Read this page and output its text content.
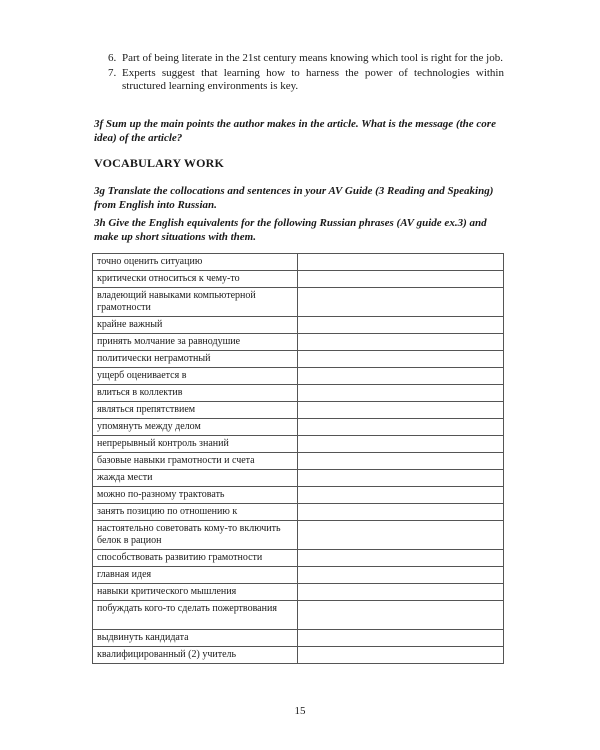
6. Part of being literate in the 21st century means knowing which tool is right for the job.
7. Experts suggest that learning how to harness the power of technologies within structured learning environments is key.

3f Sum up the main points the author makes in the article. What is the message (the core idea) of the article?

VOCABULARY WORK

3g Translate the collocations and sentences in your AV Guide (3 Reading and Speaking) from English into Russian.

3h Give the English equivalents for the following Russian phrases (AV guide ex.3) and make up short situations with them.

точно оценить ситуацию	
критически относиться к чему-то	
владеющий навыками компьютерной грамотности	
крайне важный	
принять молчание за равнодушие	
политически неграмотный	
ущерб оценивается в	
влиться в коллектив	
являться препятствием	
упомянуть между делом	
непрерывный контроль знаний	
базовые навыки грамотности и счета	
жажда мести	
можно по-разному трактовать	
занять позицию по отношению к	
настоятельно советовать кому-то включить белок в рацион	
способствовать развитию грамотности	
главная идея	
навыки критического мышления	
побуждать кого-то сделать пожертвования	
выдвинуть кандидата	
квалифицированный (2) учитель	
15
